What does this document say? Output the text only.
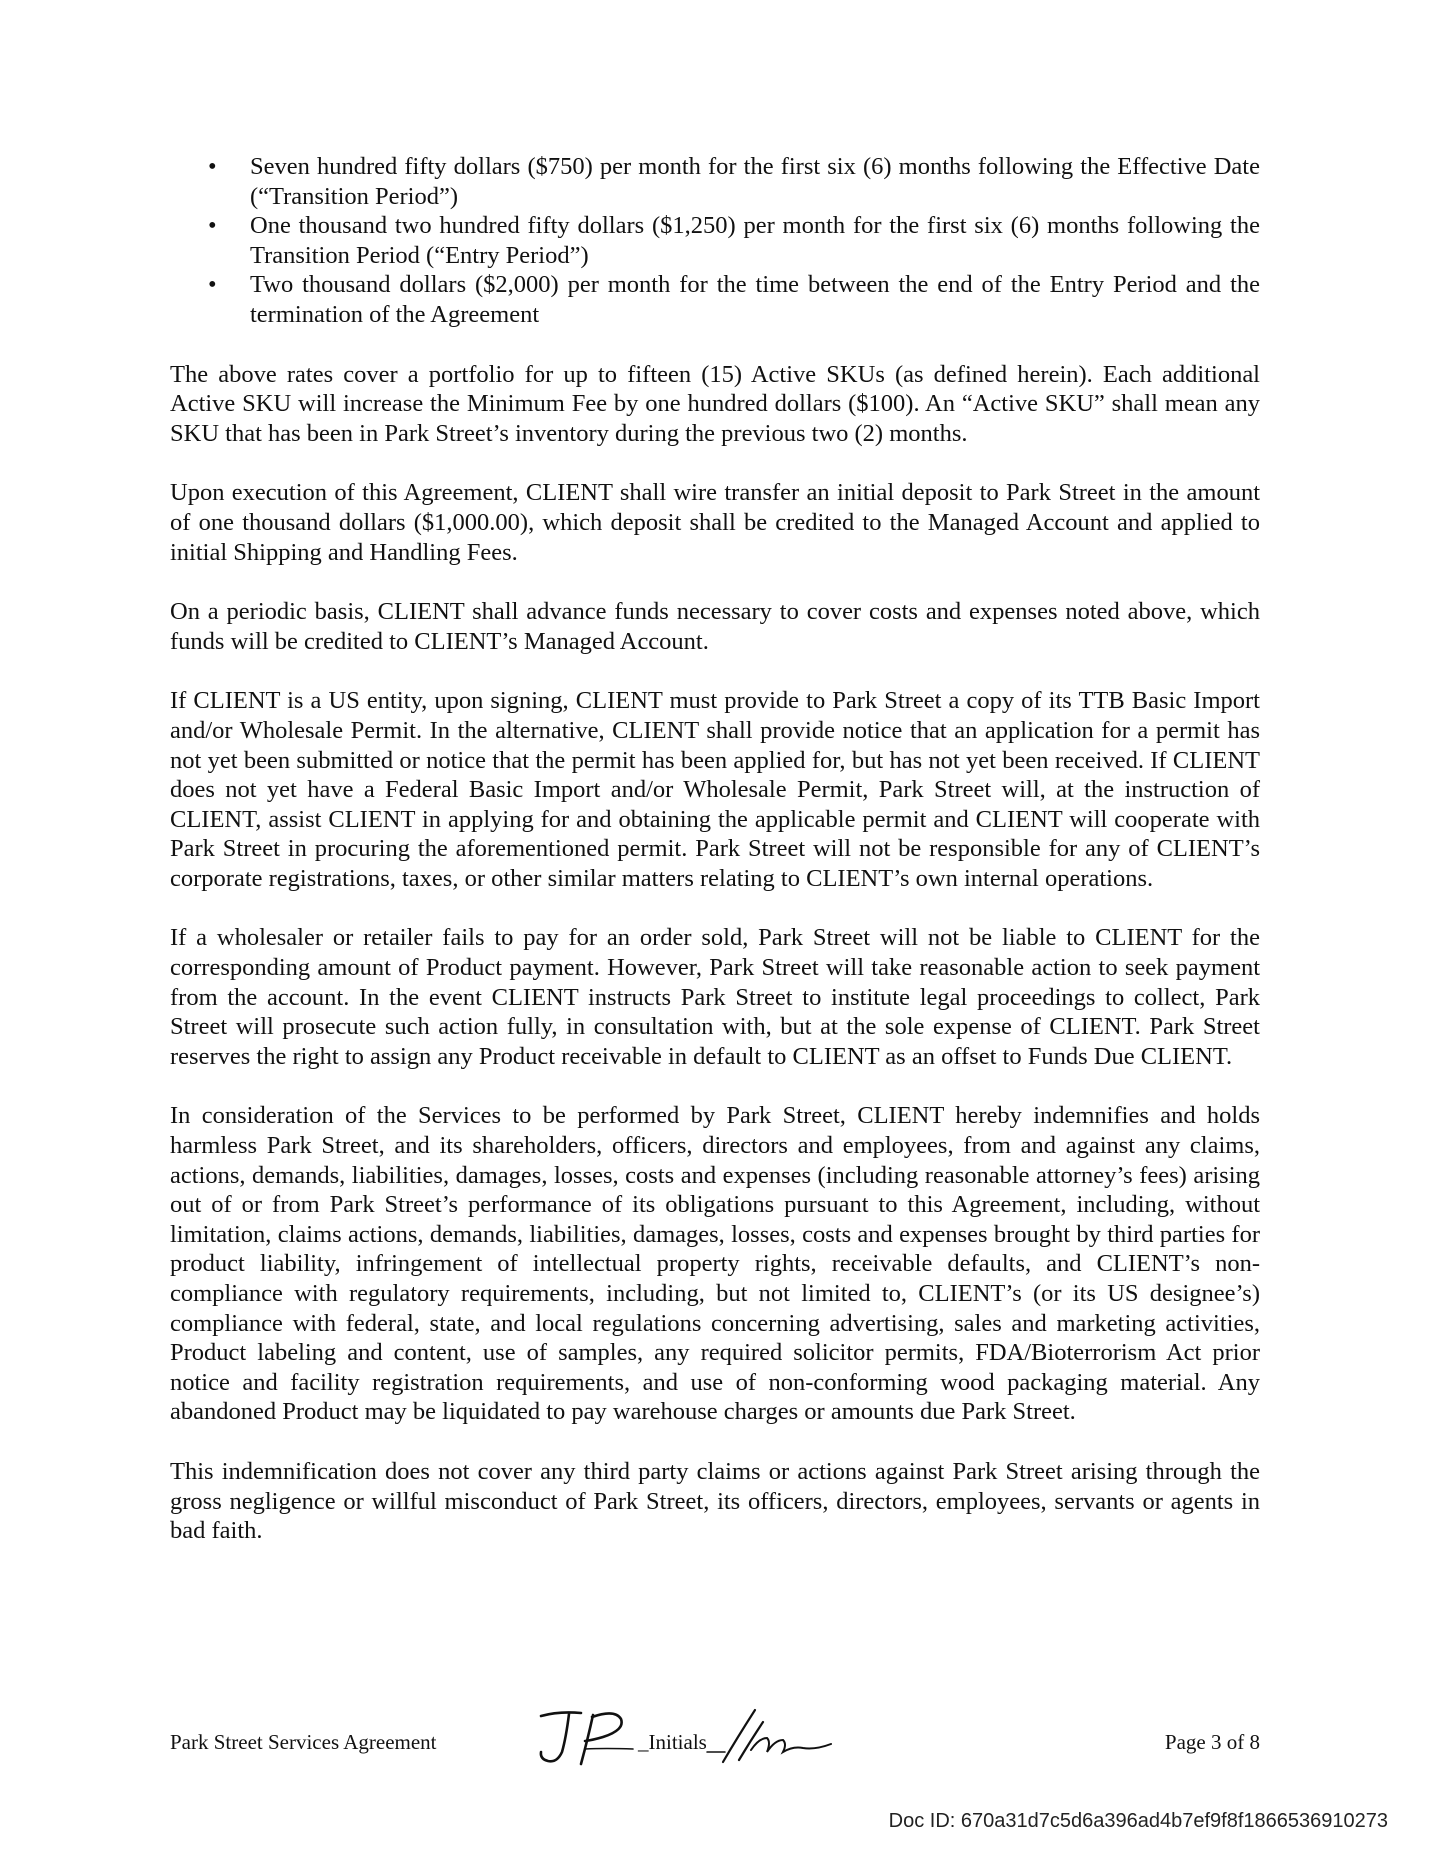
• Seven hundred fifty dollars ($750) per month for the first six (6) months following the Effective Date (“Transition Period”)
• One thousand two hundred fifty dollars ($1,250) per month for the first six (6) months following the Transition Period (“Entry Period”)
• Two thousand dollars ($2,000) per month for the time between the end of the Entry Period and the termination of the Agreement

The above rates cover a portfolio for up to fifteen (15) Active SKUs (as defined herein). Each additional Active SKU will increase the Minimum Fee by one hundred dollars ($100). An “Active SKU” shall mean any SKU that has been in Park Street’s inventory during the previous two (2) months.

Upon execution of this Agreement, CLIENT shall wire transfer an initial deposit to Park Street in the amount of one thousand dollars ($1,000.00), which deposit shall be credited to the Managed Account and applied to initial Shipping and Handling Fees.

On a periodic basis, CLIENT shall advance funds necessary to cover costs and expenses noted above, which funds will be credited to CLIENT’s Managed Account.

If CLIENT is a US entity, upon signing, CLIENT must provide to Park Street a copy of its TTB Basic Import and/or Wholesale Permit. In the alternative, CLIENT shall provide notice that an application for a permit has not yet been submitted or notice that the permit has been applied for, but has not yet been received. If CLIENT does not yet have a Federal Basic Import and/or Wholesale Permit, Park Street will, at the instruction of CLIENT, assist CLIENT in applying for and obtaining the applicable permit and CLIENT will cooperate with Park Street in procuring the aforementioned permit. Park Street will not be responsible for any of CLIENT’s corporate registrations, taxes, or other similar matters relating to CLIENT’s own internal operations.

If a wholesaler or retailer fails to pay for an order sold, Park Street will not be liable to CLIENT for the corresponding amount of Product payment. However, Park Street will take reasonable action to seek payment from the account. In the event CLIENT instructs Park Street to institute legal proceedings to collect, Park Street will prosecute such action fully, in consultation with, but at the sole expense of CLIENT. Park Street reserves the right to assign any Product receivable in default to CLIENT as an offset to Funds Due CLIENT.

In consideration of the Services to be performed by Park Street, CLIENT hereby indemnifies and holds harmless Park Street, and its shareholders, officers, directors and employees, from and against any claims, actions, demands, liabilities, damages, losses, costs and expenses (including reasonable attorney’s fees) arising out of or from Park Street’s performance of its obligations pursuant to this Agreement, including, without limitation, claims actions, demands, liabilities, damages, losses, costs and expenses brought by third parties for product liability, infringement of intellectual property rights, receivable defaults, and CLIENT’s non-compliance with regulatory requirements, including, but not limited to, CLIENT’s (or its US designee’s) compliance with federal, state, and local regulations concerning advertising, sales and marketing activities, Product labeling and content, use of samples, any required solicitor permits, FDA/Bioterrorism Act prior notice and facility registration requirements, and use of non-conforming wood packaging material. Any abandoned Product may be liquidated to pay warehouse charges or amounts due Park Street.

This indemnification does not cover any third party claims or actions against Park Street arising through the gross negligence or willful misconduct of Park Street, its officers, directors, employees, servants or agents in bad faith.

Park Street Services Agreement	_Initials	Page 3 of 8
Doc ID: 670a31d7c5d6a396ad4b7ef9f8f1866536910273
